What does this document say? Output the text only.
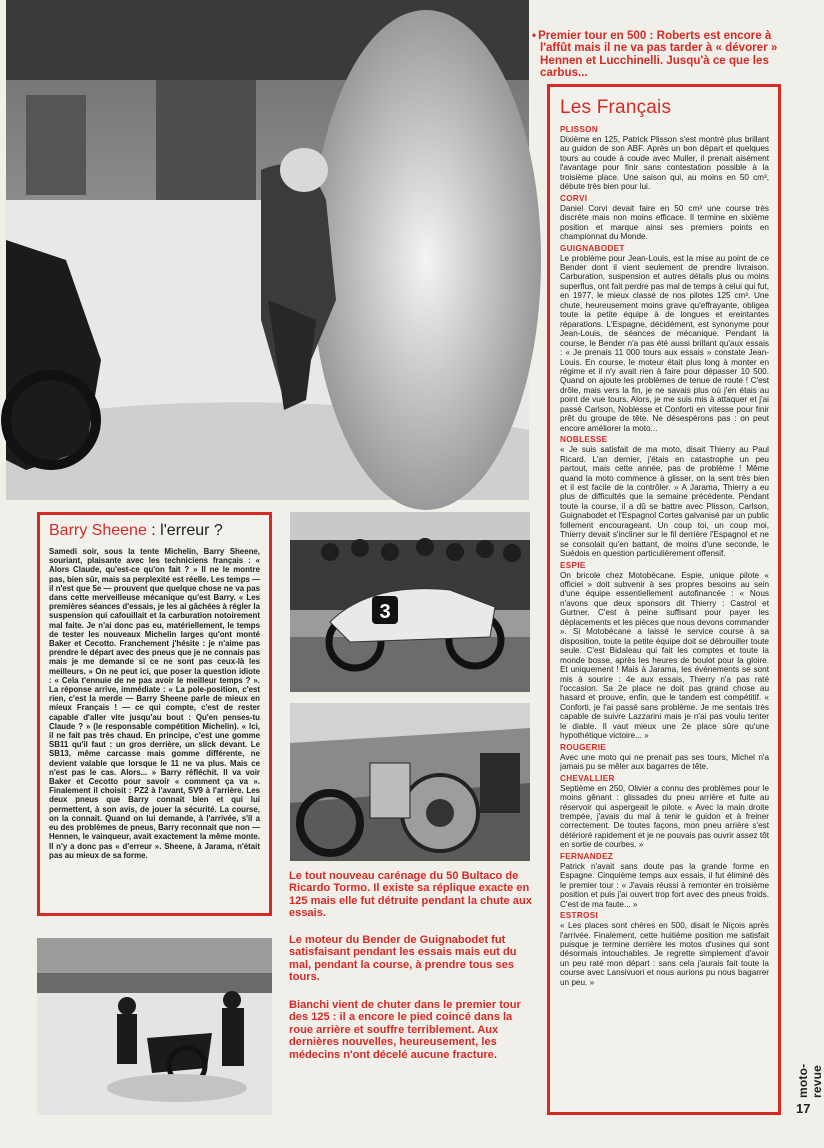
• Premier tour en 500 : Roberts est encore à l'affût mais il ne va pas tarder à « dévorer » Hennen et Lucchinelli. Jusqu'à ce que les carbus...

Les Français
PLISSON

Dixième en 125, Patrick Plisson s'est montré plus brillant au guidon de son ABF. Après un bon départ et quelques tours au coude à coude avec Muller, il prenait aisément l'avantage pour finir sans contestation possible à la troisième place. Une saison qui, au moins en 50 cm³, débute très bien pour lui.

CORVI

Daniel Corvi devait faire en 50 cm³ une course très discrète mais non moins efficace. Il termine en sixième position et marque ainsi ses premiers points en championnat du Monde.

GUIGNABODET

Le problème pour Jean-Louis, est la mise au point de ce Bender dont il vient seulement de prendre livraison. Carburation, suspension et autres détails plus ou moins superflus, ont fait perdre pas mal de temps à celui qui fut, en 1977, le mieux classé de nos pilotes 125 cm³. Une chute, heureusement moins grave qu'effrayante, obligea toute la petite équipe à de longues et ereintantes réparations. L'Espagne, décidément, est synonyme pour Jean-Louis, de séances de mécanique. Pendant la course, le Bender n'a pas été aussi brillant qu'aux essais : « Je prenais 11 000 tours aux essais » constate Jean-Louis. En course, le moteur était plus long à monter en régime et il n'y avait rien à faire pour dépasser 10 500. Quand on ajoute les problèmes de tenue de route ! C'est drôle, mais vers la fin, je ne savais plus où j'en étais au point de vue tours. Alors, je me suis mis à attaquer et j'ai passé Carlson, Noblesse et Conforti en vitesse pour finir prêt du groupe de tête. Ne désespérons pas : on peut encore améliorer la moto...

NOBLESSE

« Je suis satisfait de ma moto, disait Thierry au Paul Ricard. L'an dernier, j'étais en catastrophe un peu partout, mais cette année, pas de problème ! Même quand la moto commence à glisser, on la sent très bien et il est facile de la contrôler. » A Jarama, Thierry a eu plus de difficultés que la semaine précédente. Pendant toute la course, il a dû se battre avec Plisson, Carlson, Guignabodet et l'Espagnol Cortes galvanisé par un public follement encourageant. Un coup toi, un coup moi, Thierry devait s'incliner sur le fil derrière l'Espagnol et ne se consolait qu'en battant, de moins d'une seconde, le Suédois en question particulièrement offensif.

ESPIE

On bricole chez Motobécane. Espie, unique pilote « officiel » doit subvenir à ses propres besoins au sein d'une équipe essentiellement autofinancée : « Nous n'avons que deux sponsors dit Thierry : Castrol et Gurtner. C'est à peine suffisant pour payer les déplacements et les pièces que nous devons commander ». Si Motobécane a laissé le service course à sa disposition, toute la petite équipe doit se débrouiller toute seule. C'est Bidaleau qui fait les comptes et toute la monde bosse, après les heures de boulot pour la gloire. Et uniquement ! Mais à Jarama, les évènements se sont mis à sourire : 4e aux essais, Thierry n'a pas raté l'occasion. Sa 2e place ne doit pas grand chose au hasard et prouve, enfin, que le tandem est compétitif. « Conforti, je l'ai passé sans problème. Je me sentais très capable de suivre Lazzarini mais je n'ai pas voulu tenter le diable. Il vaut mieux une 2e place sûre qu'une hypothétique victoire... »

ROUGERIE

Avec une moto qui ne prenait pas ses tours, Michel n'a jamais pu se mêler aux bagarres de tête.

CHEVALLIER

Septième en 250, Olivier a connu des problèmes pour le moins gênant : glissades du pneu arrière et fuite au réservoir qui aspergeait le pilote. « Avec la main droite trempée, j'avais du mal à tenir le guidon et à freiner correctement. De toutes façons, mon pneu arrière s'est détérioré rapidement et je ne pouvais pas ouvrir assez tôt en sortie de courbes. »

FERNANDEZ

Patrick n'avait sans doute pas la grande forme en Espagne. Cinquième temps aux essais, il fut éliminé dès le premier tour : « J'avais réussi à remonter en troisième position et puis j'ai ouvert trop fort avec des pneus froids. C'est de ma faute... »

ESTROSI

« Les places sont chères en 500, disait le Niçois après l'arrivée. Finalement, cette huitième position me satisfait puisque je termine derrière les motos d'usines qui sont désormais intouchables. Je regrette simplement d'avoir un peu raté mon départ : sans cela j'aurais fait toute la course avec Lansivuori et nous aurions pu nous bagarrer un peu. »

Barry Sheene : l'erreur ?

Samedi soir, sous la tente Michelin, Barry Sheene, souriant, plaisante avec les techniciens français : « Alors Claude, qu'est-ce qu'on fait ? » Il ne le montre pas, bien sûr, mais sa perplexité est réelle. Les temps — il n'est que 5e — prouvent que quelque chose ne va pas dans cette merveilleuse mécanique qu'est Barry. « Les premières séances d'essais, je les ai gâchées à régler la suspension qui cafouillait et la carburation notoirement mal faite. Je n'ai donc pas eu, matériellement, le temps de tester les nouveaux Michelin larges qu'ont monté Baker et Cecotto. Franchement j'hésite : je n'aime pas prendre le départ avec des pneus que je ne connais pas mais je me demande si ce ne sont pas ceux-là les meilleurs. » On ne peut ici, que poser la question idiote : « Cela t'ennuie de ne pas avoir le meilleur temps ? ». La réponse arrive, immédiate : « La pole-position, c'est rien, c'est la merde — Barry Sheene parle de mieux en mieux Français ! — ce qui compte, c'est de rester capable d'aller vite jusqu'au bout : Qu'en penses-tu Claude ? » (le responsable compétition Michelin). « Ici, il ne fait pas très chaud. En principe, c'est une gomme SB11 qu'il faut : un gros derrière, un slick devant. Le SB13, même carcasse mais gomme différente, ne devient valable que lorsque le 11 ne va plus. Mais ce n'est pas le cas. Alors... » Barry réfléchit. Il va voir Baker et Cecotto pour savoir « comment ça va ». Finalement il choisit : PZ2 à l'avant, SV9 à l'arrière. Les deux pneus que Barry connait bien et qui lui permettent, à son avis, de jouer la sécurité. La course, on la connait. Quand on lui demande, à l'arrivée, s'il a eu des problèmes de pneus, Barry reconnait que non — Hennen, le vainqueur, avait exactement la même monte. Il n'y a donc pas « d'erreur ». Sheene, à Jarama, n'était pas au mieux de sa forme.

3

Le tout nouveau carénage du 50 Bultaco de Ricardo Tormo. Il existe sa réplique exacte en 125 mais elle fut détruite pendant la chute aux essais.

Le moteur du Bender de Guignabodet fut satisfaisant pendant les essais mais eut du mal, pendant la course, à prendre tous ses tours.

Bianchi vient de chuter dans le premier tour des 125 : il a encore le pied coincé dans la roue arrière et souffre terriblement. Aux dernières nouvelles, heureusement, les médecins n'ont décelé aucune fracture.

moto-revue
17
